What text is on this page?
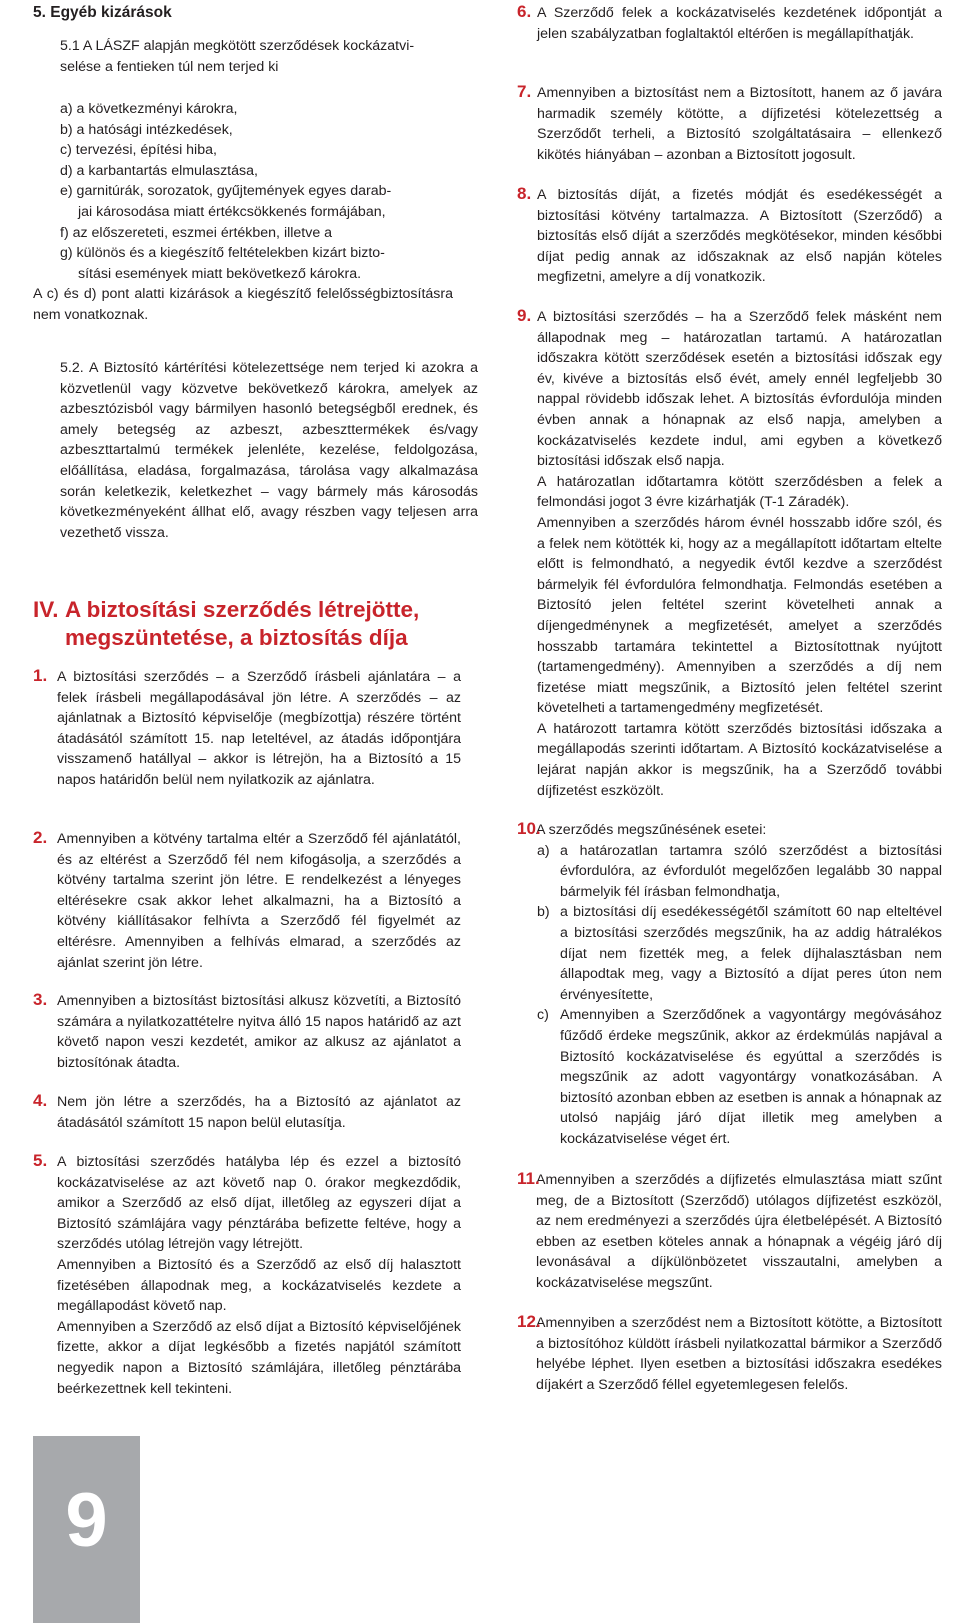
5. Egyéb kizárások

5.1 A LÁSZF alapján megkötött szerződések kockázatvi-

selése a fentieken túl nem terjed ki

a) a következményi károkra,

b) a hatósági intézkedések,

c) tervezési, építési hiba,

d) a karbantartás elmulasztása,

e) garnitúrák, sorozatok, gyűjtemények egyes darab-

jai károsodása miatt értékcsökkenés formájában,

f) az előszereteti, eszmei értékben, illetve a

g) különös és a kiegészítő feltételekben kizárt bizto-

sítási események miatt bekövetkező károkra.

A c) és d) pont alatti kizárások a kiegészítő felelősségbiztosításra nem vonatkoznak.
5.2. A Biztosító kártérítési kötelezettsége nem terjed ki azokra a közvetlenül vagy közvetve bekövetkező károkra, amelyek az azbesztózisból vagy bármilyen hasonló betegségből erednek, és amely betegség az azbeszt, azbeszttermékek és/vagy azbeszttartalmú termékek jelenléte, kezelése, feldolgozása, előállítása, eladása, forgalmazása, tárolása vagy alkalmazása során keletkezik, keletkezhet – vagy bármely más károsodás következményeként állhat elő, avagy részben vagy teljesen arra vezethető vissza.

IV. A biztosítási szerződés létrejötte, megszüntetése, a biztosítás díja
1. A biztosítási szerződés – a Szerződő írásbeli ajánlatára – a felek írásbeli megállapodásával jön létre. A szerződés – az ajánlatnak a Biztosító képviselője (megbízottja) részére történt átadásától számított 15. nap leteltével, az átadás időpontjára visszamenő hatállyal – akkor is létrejön, ha a Biztosító a 15 napos határidőn belül nem nyilatkozik az ajánlatra.

2. Amennyiben a kötvény tartalma eltér a Szerződő fél ajánlatától, és az eltérést a Szerződő fél nem kifogásolja, a szerződés a kötvény tartalma szerint jön létre. E rendelkezést a lényeges eltérésekre csak akkor lehet alkalmazni, ha a Biztosító a kötvény kiállításakor felhívta a Szerződő fél figyelmét az eltérésre. Amennyiben a felhívás elmarad, a szerződés az ajánlat szerint jön létre.

3. Amennyiben a biztosítást biztosítási alkusz közvetíti, a Biztosító számára a nyilatkozattételre nyitva álló 15 napos határidő az azt követő napon veszi kezdetét, amikor az alkusz az ajánlatot a biztosítónak átadta.

4. Nem jön létre a szerződés, ha a Biztosító az ajánlatot az átadásától számított 15 napon belül elutasítja.

5. A biztosítási szerződés hatályba lép és ezzel a biztosító kockázatviselése az azt követő nap 0. órakor megkezdődik, amikor a Szerződő az első díjat, illetőleg az egyszeri díjat a Biztosító számlájára vagy pénztárába befizette feltéve, hogy a szerződés utólag létrejön vagy létrejött.

Amennyiben a Biztosító és a Szerződő az első díj halasztott fizetésében állapodnak meg, a kockázatviselés kezdete a megállapodást követő nap.

Amennyiben a Szerződő az első díjat a Biztosító képviselőjének fizette, akkor a díjat legkésőbb a fizetés napjától számított negyedik napon a Biztosító számlájára, illetőleg pénztárába beérkezettnek kell tekinteni.

9
6. A Szerződő felek a kockázatviselés kezdetének időpontját a jelen szabályzatban foglaltaktól eltérően is megállapíthatják.

7. Amennyiben a biztosítást nem a Biztosított, hanem az ő javára harmadik személy kötötte, a díjfizetési kötelezettség a Szerződőt terheli, a Biztosító szolgáltatásaira – ellenkező kikötés hiányában – azonban a Biztosított jogosult.

8. A biztosítás díját, a fizetés módját és esedékességét a biztosítási kötvény tartalmazza. A Biztosított (Szerződő) a biztosítás első díját a szerződés megkötésekor, minden későbbi díjat pedig annak az időszaknak az első napján köteles megfizetni, amelyre a díj vonatkozik.

9. A biztosítási szerződés – ha a Szerződő felek másként nem állapodnak meg – határozatlan tartamú. A határozatlan időszakra kötött szerződések esetén a biztosítási időszak egy év, kivéve a biztosítás első évét, amely ennél legfeljebb 30 nappal rövidebb időszak lehet. A biztosítás évfordulója minden évben annak a hónapnak az első napja, amelyben a kockázatviselés kezdete indul, ami egyben a következő biztosítási időszak első napja.

A határozatlan időtartamra kötött szerződésben a felek a felmondási jogot 3 évre kizárhatják (T-1 Záradék).

Amennyiben a szerződés három évnél hosszabb időre szól, és a felek nem kötötték ki, hogy az a megállapított időtartam eltelte előtt is felmondható, a negyedik évtől kezdve a szerződést bármelyik fél évfordulóra felmondhatja. Felmondás esetében a Biztosító jelen feltétel szerint követelheti annak a díjengedménynek a megfizetését, amelyet a szerződés hosszabb tartamára tekintettel a Biztosítottnak nyújtott (tartamengedmény). Amennyiben a szerződés a díj nem fizetése miatt megszűnik, a Biztosító jelen feltétel szerint követelheti a tartamengedmény megfizetését.

A határozott tartamra kötött szerződés biztosítási időszaka a megállapodás szerinti időtartam. A Biztosító kockázatviselése a lejárat napján akkor is megszűnik, ha a Szerződő további díjfizetést eszközölt.

10.

A szerződés megszűnésének esetei:

a) a határozatlan tartamra szóló szerződést a biztosítási évfordulóra, az évfordulót megelőzően legalább 30 nappal bármelyik fél írásban felmondhatja,

b) a biztosítási díj esedékességétől számított 60 nap elteltével a biztosítási szerződés megszűnik, ha az addig hátralékos díjat nem fizették meg, a felek díjhalasztásban nem állapodtak meg, vagy a Biztosító a díjat peres úton nem érvényesítette,

c) Amennyiben a Szerződőnek a vagyontárgy megóvásához fűződő érdeke megszűnik, akkor az érdekmúlás napjával a Biztosító kockázatviselése és egyúttal a szerződés is megszűnik az adott vagyontárgy vonatkozásában. A biztosító azonban ebben az esetben is annak a hónapnak az utolsó napjáig járó díjat illetik meg amelyben a kockázatviselése véget ért.

11.

Amennyiben a szerződés a díjfizetés elmulasztása miatt szűnt meg, de a Biztosított (Szerződő) utólagos díjfizetést eszközöl, az nem eredményezi a szerződés újra életbelépését. A Biztosító ebben az esetben köteles annak a hónapnak a végéig járó díj levonásával a díjkülönbözetet visszautalni, amelyben a kockázatviselése megszűnt.

12.

Amennyiben a szerződést nem a Biztosított kötötte, a Biztosított a biztosítóhoz küldött írásbeli nyilatkozattal bármikor a Szerződő helyébe léphet. Ilyen esetben a biztosítási időszakra esedékes díjakért a Szerződő féllel egyetemlegesen felelős.
